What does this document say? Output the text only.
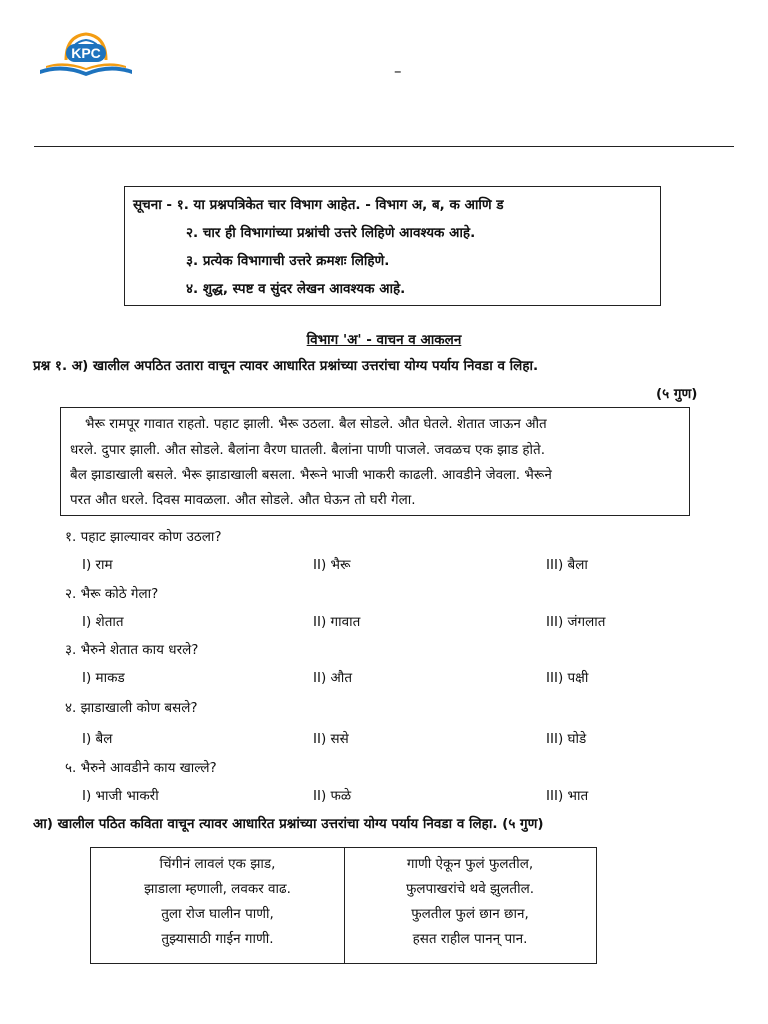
KPC
–
सूचना - १. या प्रश्नपत्रिकेत चार विभाग आहेत. - विभाग अ, ब, क आणि ड
२. चार ही विभागांच्या प्रश्नांची उत्तरे लिहिणे आवश्यक आहे.
३. प्रत्येक विभागाची उत्तरे क्रमशः लिहिणे.
४. शुद्ध, स्पष्ट व सुंदर लेखन आवश्यक आहे.
विभाग 'अ' - वाचन व आकलन
प्रश्न १. अ) खालील अपठित उतारा वाचून त्यावर आधारित प्रश्नांच्या उत्तरांचा योग्य पर्याय निवडा व लिहा.
(५ गुण)
भैरू रामपूर गावात राहतो. पहाट झाली. भैरू उठला. बैल सोडले. औत घेतले. शेतात जाऊन औत
धरले. दुपार झाली. औत सोडले. बैलांना वैरण घातली. बैलांना पाणी पाजले. जवळच एक झाड होते.
बैल झाडाखाली बसले. भैरू झाडाखाली बसला. भैरूने भाजी भाकरी काढली. आवडीने जेवला. भैरूने
परत औत धरले. दिवस मावळला. औत सोडले. औत घेऊन तो घरी गेला.
१. पहाट झाल्यावर कोण उठला?
I) राम	II) भैरू	III) बैला
२. भैरू कोठे गेला?
I) शेतात	II) गावात	III) जंगलात
३. भैरुने शेतात काय धरले?
I) माकड	II) औत	III) पक्षी
४. झाडाखाली कोण बसले?
I) बैल	II) ससे	III) घोडे
५. भैरुने आवडीने काय खाल्ले?
I) भाजी भाकरी	II) फळे	III) भात
आ) खालील पठित कविता वाचून त्यावर आधारित प्रश्नांच्या उत्तरांचा योग्य पर्याय निवडा व लिहा. (५ गुण)
चिंगीनं लावलं एक झाड,
झाडाला म्हणाली, लवकर वाढ.
तुला रोज घालीन पाणी,
तुझ्यासाठी गाईन गाणी.
गाणी ऐकून फुलं फुलतील,
फुलपाखरांचे थवे झुलतील.
फुलतील फुलं छान छान,
हसत राहील पानन् पान.
